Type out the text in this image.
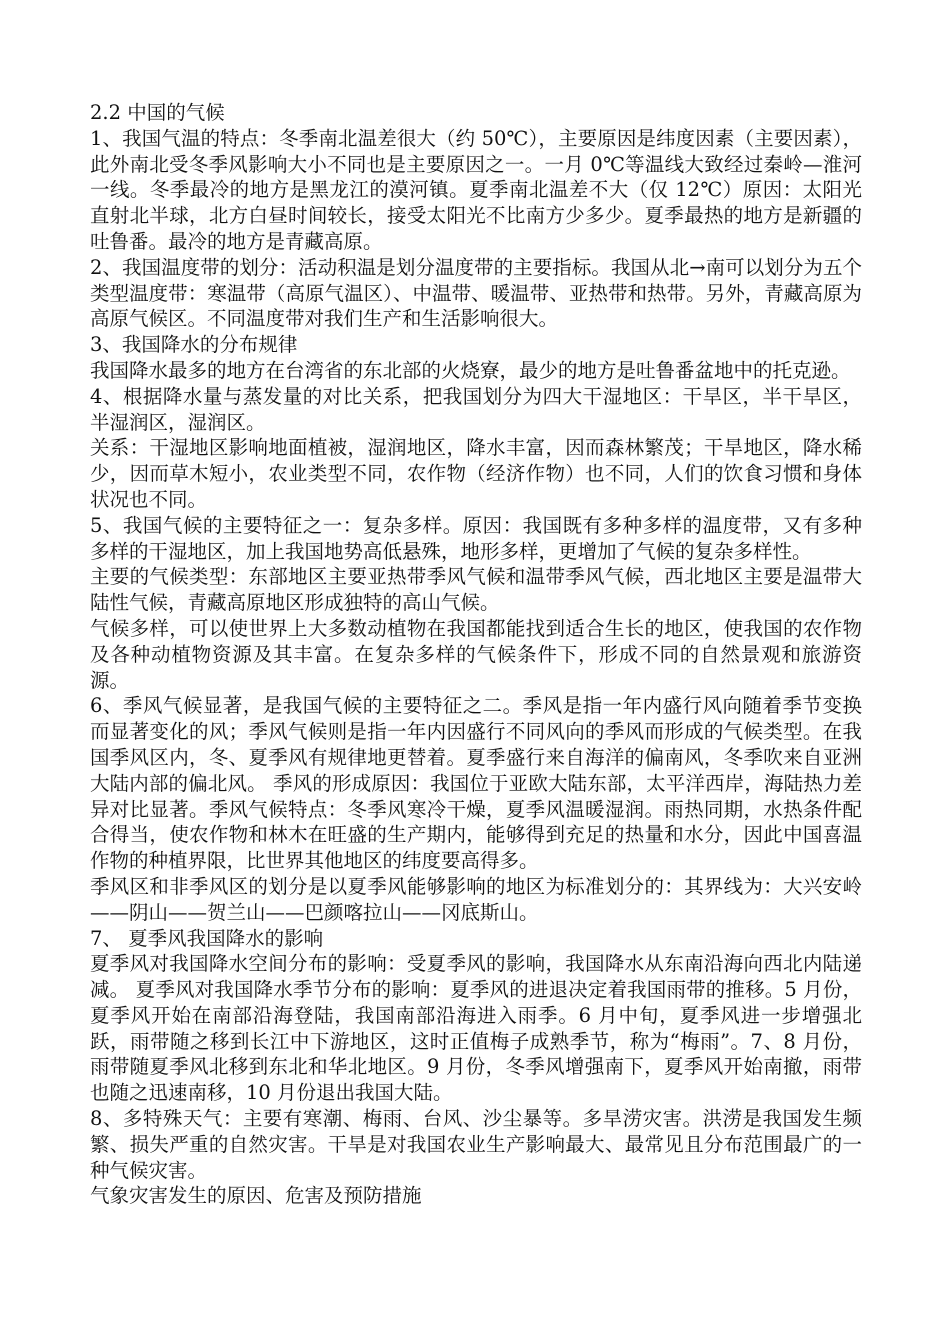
2.2 中国的气候

1、我国气温的特点：冬季南北温差很大（约 50℃），主要原因是纬度因素（主要因素），此外南北受冬季风影响大小不同也是主要原因之一。一月 0℃等温线大致经过秦岭—淮河一线。冬季最冷的地方是黑龙江的漠河镇。夏季南北温差不大（仅 12℃）原因：太阳光直射北半球，北方白昼时间较长，接受太阳光不比南方少多少。夏季最热的地方是新疆的吐鲁番。最冷的地方是青藏高原。

2、我国温度带的划分：活动积温是划分温度带的主要指标。我国从北→南可以划分为五个类型温度带：寒温带（高原气温区）、中温带、暖温带、亚热带和热带。另外，青藏高原为高原气候区。不同温度带对我们生产和生活影响很大。

3、我国降水的分布规律

我国降水最多的地方在台湾省的东北部的火烧寮，最少的地方是吐鲁番盆地中的托克逊。

4、根据降水量与蒸发量的对比关系，把我国划分为四大干湿地区：干旱区，半干旱区，半湿润区，湿润区。

关系：干湿地区影响地面植被，湿润地区，降水丰富，因而森林繁茂；干旱地区，降水稀少，因而草木短小，农业类型不同，农作物（经济作物）也不同，人们的饮食习惯和身体状况也不同。

5、我国气候的主要特征之一：复杂多样。原因：我国既有多种多样的温度带，又有多种多样的干湿地区，加上我国地势高低悬殊，地形多样，更增加了气候的复杂多样性。

主要的气候类型：东部地区主要亚热带季风气候和温带季风气候，西北地区主要是温带大陆性气候，青藏高原地区形成独特的高山气候。

气候多样，可以使世界上大多数动植物在我国都能找到适合生长的地区，使我国的农作物及各种动植物资源及其丰富。在复杂多样的气候条件下，形成不同的自然景观和旅游资源。

6、季风气候显著，是我国气候的主要特征之二。季风是指一年内盛行风向随着季节变换而显著变化的风；季风气候则是指一年内因盛行不同风向的季风而形成的气候类型。在我国季风区内，冬、夏季风有规律地更替着。夏季盛行来自海洋的偏南风，冬季吹来自亚洲大陆内部的偏北风。 季风的形成原因：我国位于亚欧大陆东部，太平洋西岸，海陆热力差异对比显著。季风气候特点：冬季风寒冷干燥，夏季风温暖湿润。雨热同期，水热条件配合得当，使农作物和林木在旺盛的生产期内，能够得到充足的热量和水分，因此中国喜温作物的种植界限，比世界其他地区的纬度要高得多。

季风区和非季风区的划分是以夏季风能够影响的地区为标准划分的：其界线为：大兴安岭——阴山——贺兰山——巴颜喀拉山——冈底斯山。

7、 夏季风我国降水的影响

夏季风对我国降水空间分布的影响：受夏季风的影响，我国降水从东南沿海向西北内陆递减。 夏季风对我国降水季节分布的影响：夏季风的进退决定着我国雨带的推移。5 月份，夏季风开始在南部沿海登陆，我国南部沿海进入雨季。6 月中旬，夏季风进一步增强北跃，雨带随之移到长江中下游地区，这时正值梅子成熟季节，称为“梅雨”。7、8 月份，雨带随夏季风北移到东北和华北地区。9 月份，冬季风增强南下，夏季风开始南撤，雨带也随之迅速南移，10 月份退出我国大陆。

8、多特殊天气：主要有寒潮、梅雨、台风、沙尘暴等。多旱涝灾害。洪涝是我国发生频繁、损失严重的自然灾害。干旱是对我国农业生产影响最大、最常见且分布范围最广的一种气候灾害。

气象灾害发生的原因、危害及预防措施
